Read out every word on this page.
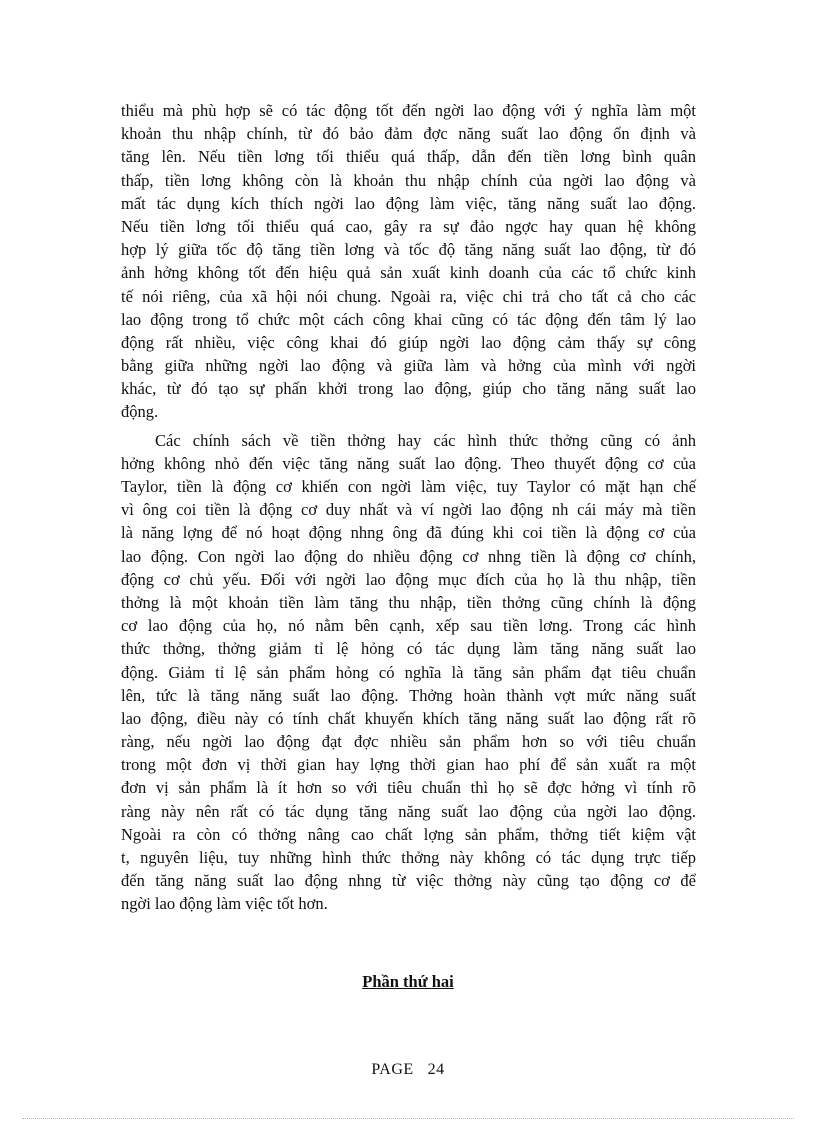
thiểu mà phù hợp sẽ có tác động tốt đến ngời lao động với ý nghĩa làm một
khoản thu nhập chính, từ đó bảo đảm đợc năng suất lao động ổn định và
tăng lên. Nếu tiền lơng tối thiểu quá thấp, dẫn đến tiền lơng bình quân
thấp, tiền lơng không còn là khoản thu nhập chính của ngời lao động và
mất tác dụng kích thích ngời lao động làm việc, tăng năng suất lao động.
Nếu tiền lơng tối thiểu quá cao, gây ra sự đảo ngợc hay quan hệ không
hợp lý giữa tốc độ tăng tiền lơng và tốc độ tăng năng suất lao động, từ đó
ảnh hởng không tốt đến hiệu quả sản xuất kinh doanh của các tổ chức kinh
tế nói riêng, của xã hội nói chung. Ngoài ra, việc chi trả cho tất cả cho các
lao động trong tổ chức một cách công khai cũng có tác động đến tâm lý lao
động rất nhiều, việc công khai đó giúp ngời lao động cảm thấy sự công
bằng giữa những ngời lao động và giữa làm và hởng của mình với ngời
khác, từ đó tạo sự phấn khởi trong lao động, giúp cho tăng năng suất lao
động.
Các chính sách về tiền thởng hay các hình thức thởng cũng có ảnh
hởng không nhỏ đến việc tăng năng suất lao động. Theo thuyết động cơ của
Taylor, tiền là động cơ khiến con ngời làm việc, tuy Taylor có mặt hạn chế
vì ông coi tiền là động cơ duy nhất và ví ngời lao động nh cái máy mà tiền
là năng lợng để nó hoạt động nhng ông đã đúng khi coi tiền là động cơ của
lao động. Con ngời lao động do nhiều động cơ nhng tiền là động cơ chính,
động cơ chủ yếu. Đối với ngời lao động mục đích của họ là thu nhập, tiền
thởng là một khoản tiền làm tăng thu nhập, tiền thởng cũng chính là động
cơ lao động của họ, nó nằm bên cạnh, xếp sau tiền lơng. Trong các hình
thức thởng, thởng giảm tỉ lệ hỏng có tác dụng làm tăng năng suất lao
động. Giảm tỉ lệ sản phẩm hỏng có nghĩa là tăng sản phẩm đạt tiêu chuẩn
lên, tức là tăng năng suất lao động. Thởng hoàn thành vợt mức năng suất
lao động, điều này có tính chất khuyến khích tăng năng suất lao động rất rõ
ràng, nếu ngời lao động đạt đợc nhiều sản phẩm hơn so với tiêu chuẩn
trong một đơn vị thời gian hay lợng thời gian hao phí để sản xuất ra một
đơn vị sản phẩm là ít hơn so với tiêu chuẩn thì họ sẽ đợc hởng vì tính rõ
ràng này nên rất có tác dụng tăng năng suất lao động của ngời lao động.
Ngoài ra còn có thởng nâng cao chất lợng sản phẩm, thởng tiết kiệm vật
t, nguyên liệu, tuy những hình thức thởng này không có tác dụng trực tiếp
đến tăng năng suất lao động nhng từ việc thởng này cũng tạo động cơ để
ngời lao động làm việc tốt hơn.
Phần thứ hai
PAGE 24
